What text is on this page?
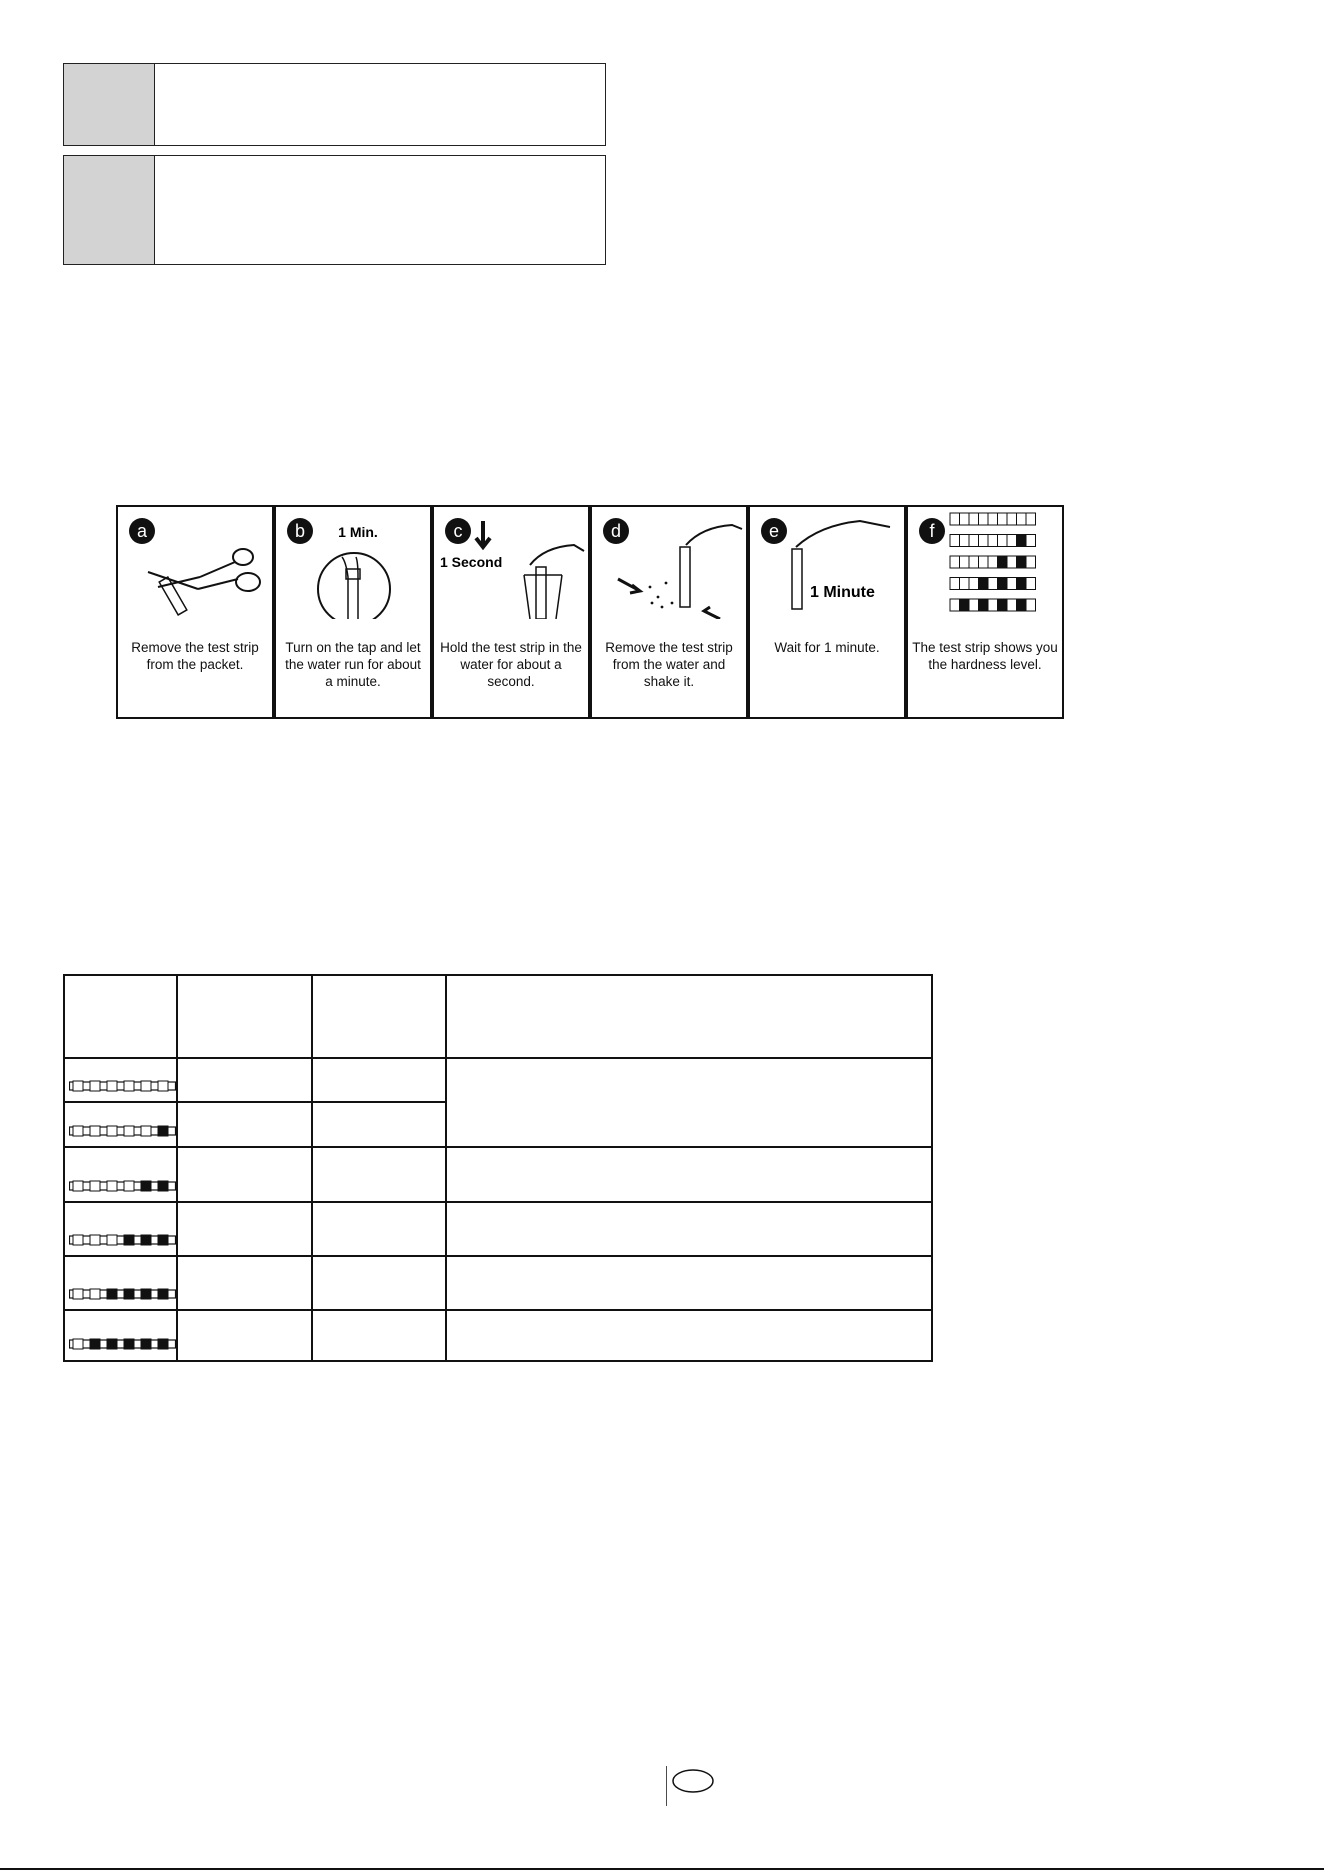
a
Remove the test strip from the packet.
b 1 Min.
Turn on the tap and let the water run for about a minute.
c
1 Second
Hold the test strip in the water for about a second.
d
Remove the test strip from the water and shake it.
e
1 Minute
Wait for 1 minute.
f
The test strip shows you the hardness level.
